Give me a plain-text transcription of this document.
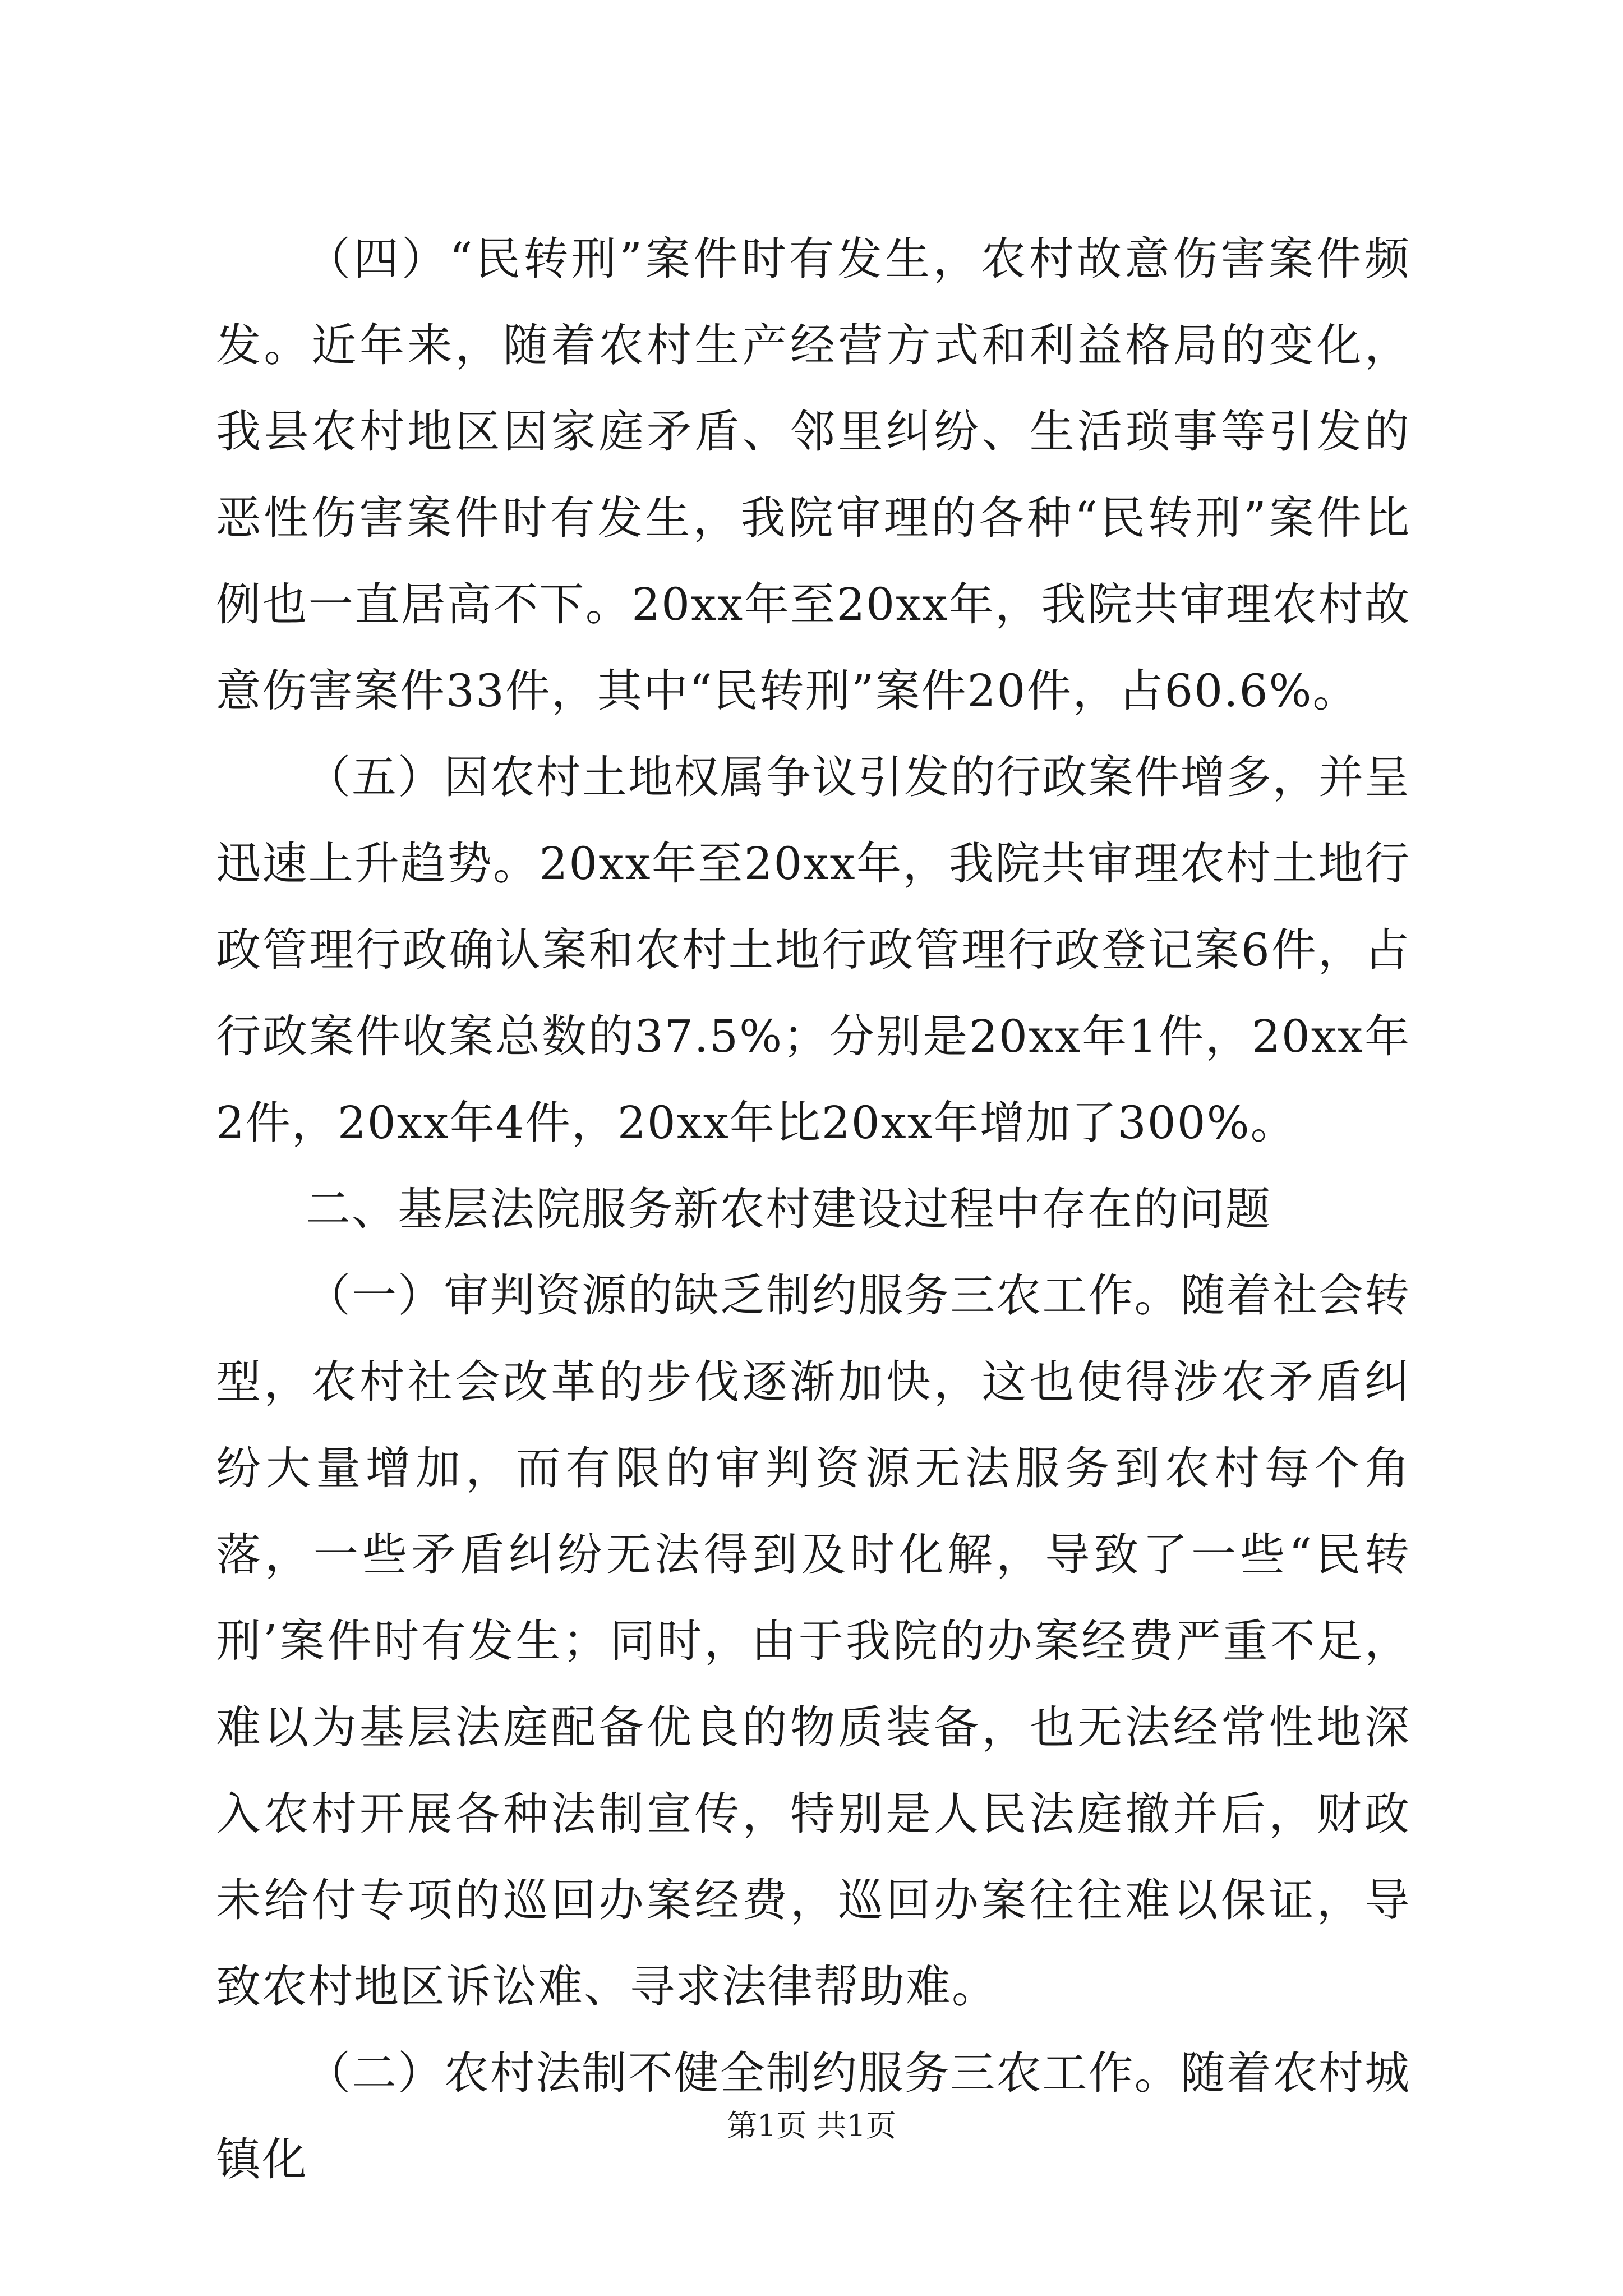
（四）“民转刑”案件时有发生，农村故意伤害案件频发。近年来，随着农村生产经营方式和利益格局的变化，我县农村地区因家庭矛盾、邻里纠纷、生活琐事等引发的恶性伤害案件时有发生，我院审理的各种“民转刑”案件比例也一直居高不下。20xx年至20xx年，我院共审理农村故意伤害案件33件，其中“民转刑”案件20件，占60.6%。

（五）因农村土地权属争议引发的行政案件增多，并呈迅速上升趋势。20xx年至20xx年，我院共审理农村土地行政管理行政确认案和农村土地行政管理行政登记案6件，占行政案件收案总数的37.5%；分别是20xx年1件，20xx年2件，20xx年4件，20xx年比20xx年增加了300%。

二、基层法院服务新农村建设过程中存在的问题

（一）审判资源的缺乏制约服务三农工作。随着社会转型，农村社会改革的步伐逐渐加快，这也使得涉农矛盾纠纷大量增加，而有限的审判资源无法服务到农村每个角落，一些矛盾纠纷无法得到及时化解，导致了一些“民转刑’案件时有发生；同时，由于我院的办案经费严重不足，难以为基层法庭配备优良的物质装备，也无法经常性地深入农村开展各种法制宣传，特别是人民法庭撤并后，财政未给付专项的巡回办案经费，巡回办案往往难以保证，导致农村地区诉讼难、寻求法律帮助难。

（二）农村法制不健全制约服务三农工作。随着农村城镇化

第1页 共1页
